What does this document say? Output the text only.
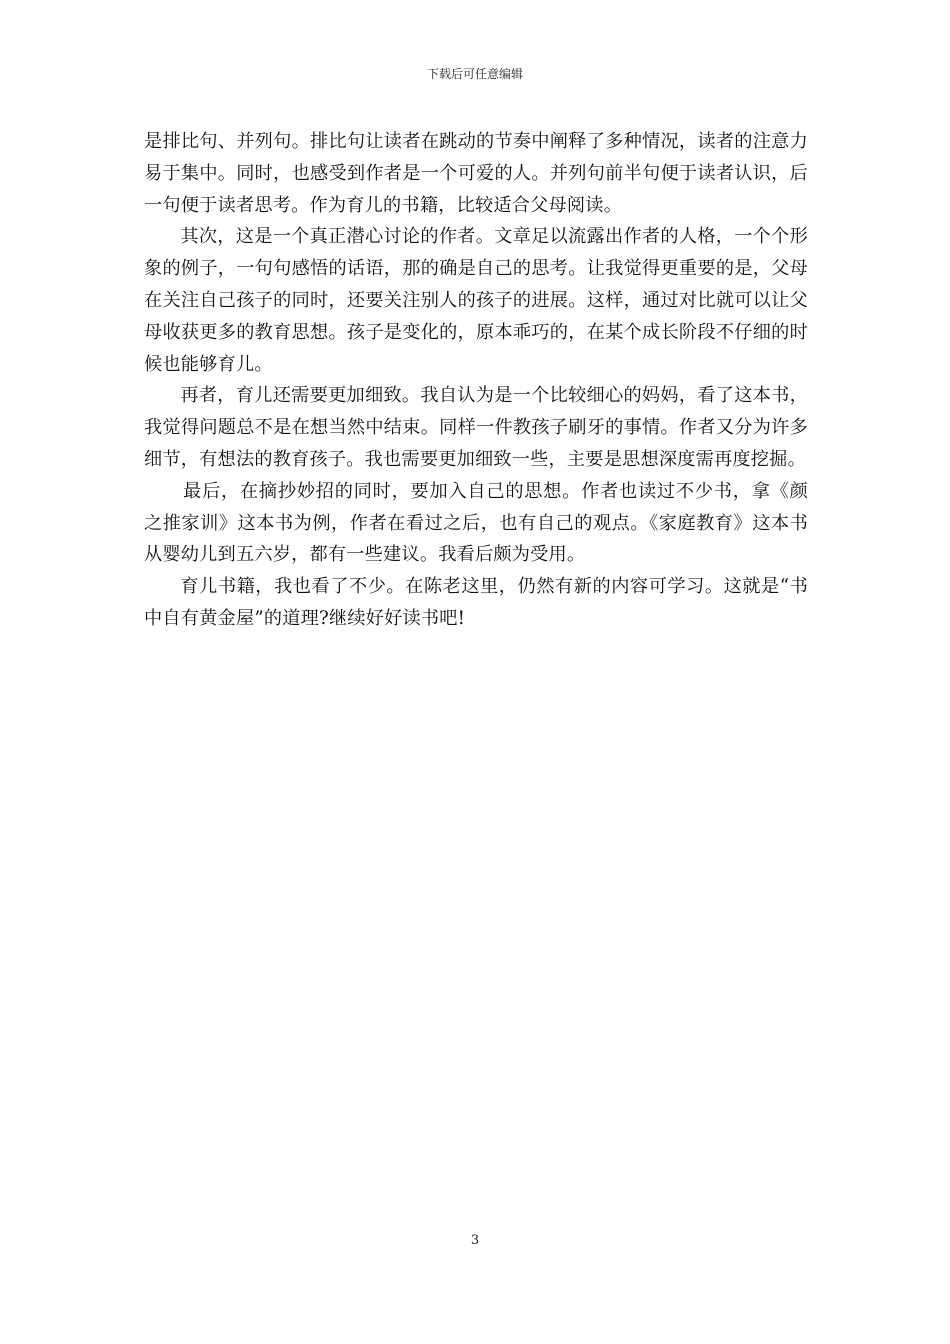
下载后可任意编辑

是排比句、并列句。排比句让读者在跳动的节奏中阐释了多种情况，读者的注意力易于集中。同时，也感受到作者是一个可爱的人。并列句前半句便于读者认识，后一句便于读者思考。作为育儿的书籍，比较适合父母阅读。

其次，这是一个真正潜心讨论的作者。文章足以流露出作者的人格，一个个形象的例子，一句句感悟的话语，那的确是自己的思考。让我觉得更重要的是，父母在关注自己孩子的同时，还要关注别人的孩子的进展。这样，通过对比就可以让父母收获更多的教育思想。孩子是变化的，原本乖巧的，在某个成长阶段不仔细的时候也能够育儿。

再者，育儿还需要更加细致。我自认为是一个比较细心的妈妈，看了这本书，我觉得问题总不是在想当然中结束。同样一件教孩子刷牙的事情。作者又分为许多细节，有想法的教育孩子。我也需要更加细致一些，主要是思想深度需再度挖掘。

最后，在摘抄妙招的同时，要加入自己的思想。作者也读过不少书，拿《颜之推家训》这本书为例，作者在看过之后，也有自己的观点。《家庭教育》这本书从婴幼儿到五六岁，都有一些建议。我看后颇为受用。

育儿书籍，我也看了不少。在陈老这里，仍然有新的内容可学习。这就是“书中自有黄金屋”的道理?继续好好读书吧!

3
